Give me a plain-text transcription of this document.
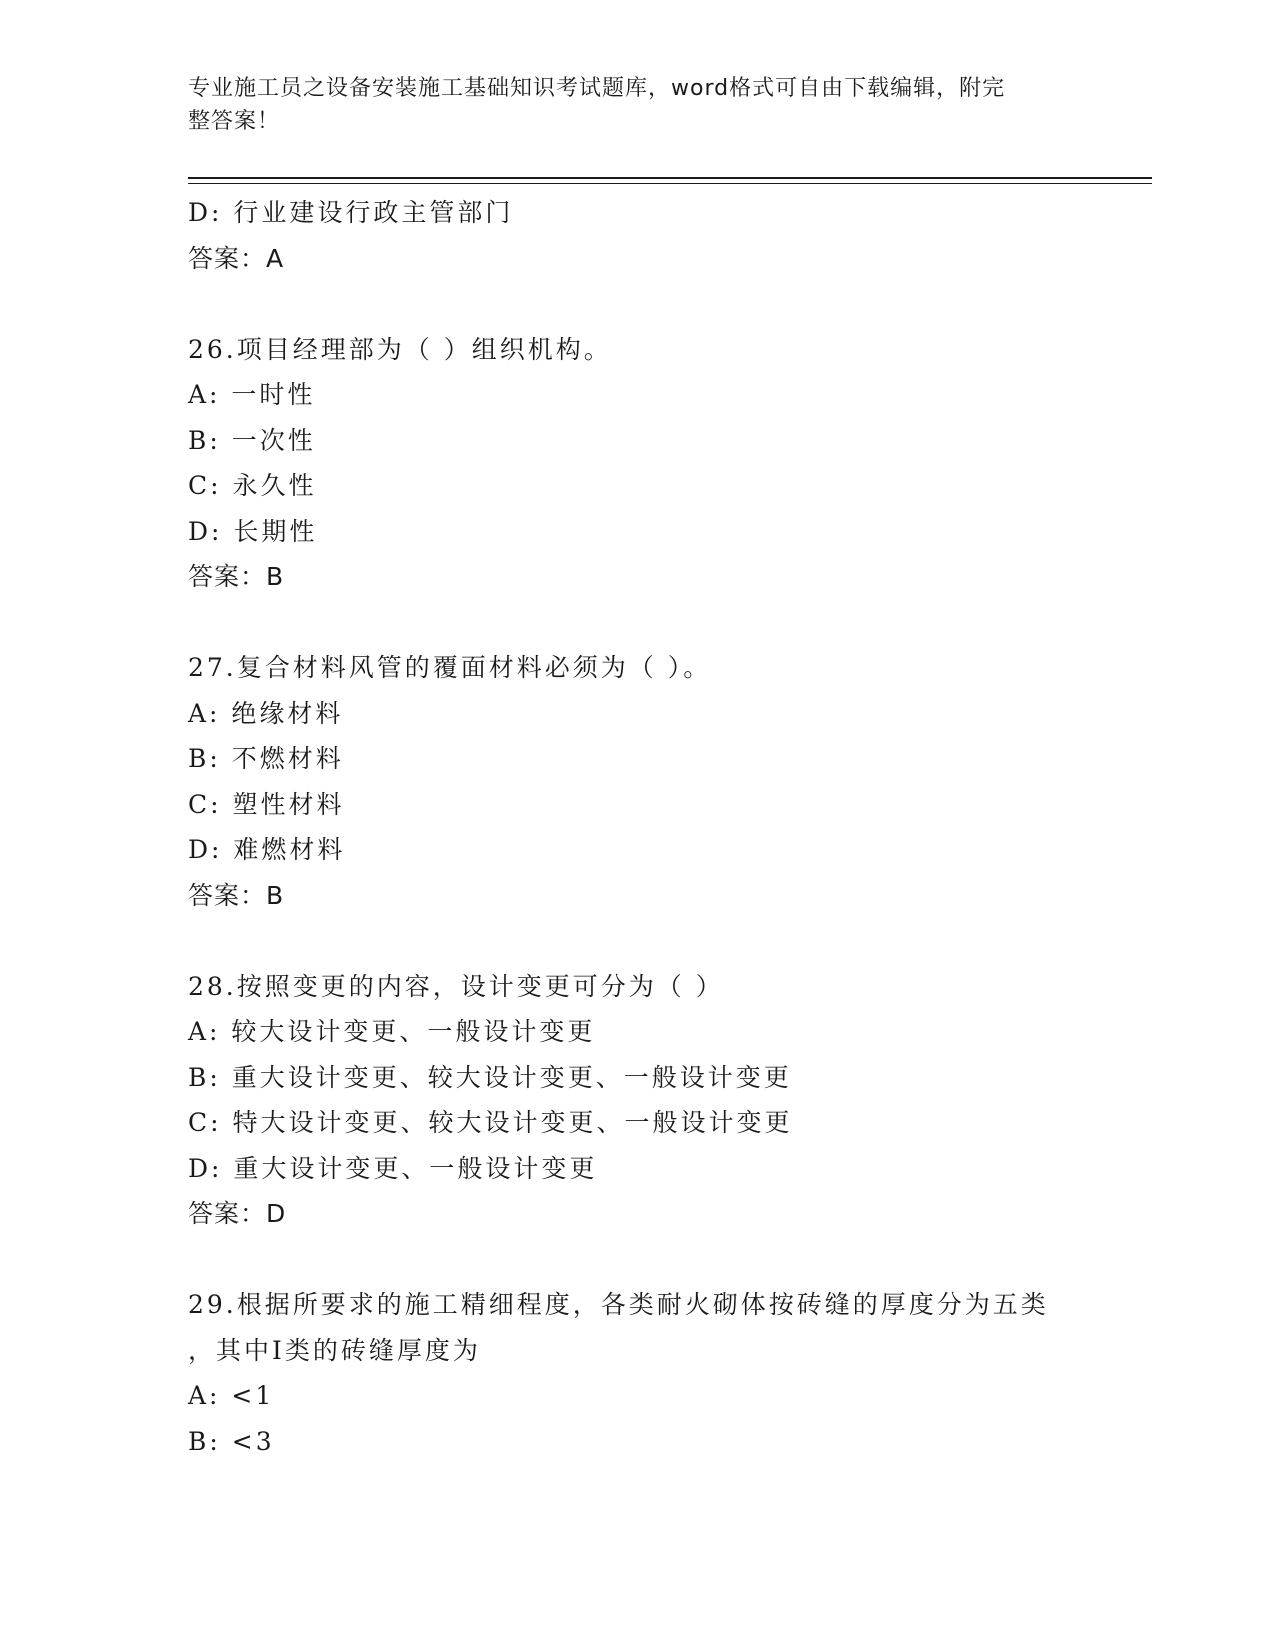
专业施工员之设备安装施工基础知识考试题库，word格式可自由下载编辑，附完
整答案！
D: 行业建设行政主管部门
答案：A
26.项目经理部为（ ）组织机构。
A: 一时性
B: 一次性
C: 永久性
D: 长期性
答案：B
27.复合材料风管的覆面材料必须为（ ）。
A: 绝缘材料
B: 不燃材料
C: 塑性材料
D: 难燃材料
答案：B
28.按照变更的内容，设计变更可分为（ ）
A: 较大设计变更、一般设计变更
B: 重大设计变更、较大设计变更、一般设计变更
C: 特大设计变更、较大设计变更、一般设计变更
D: 重大设计变更、一般设计变更
答案：D
29.根据所要求的施工精细程度，各类耐火砌体按砖缝的厚度分为五类
，其中I类的砖缝厚度为
A: <1
B: <3
